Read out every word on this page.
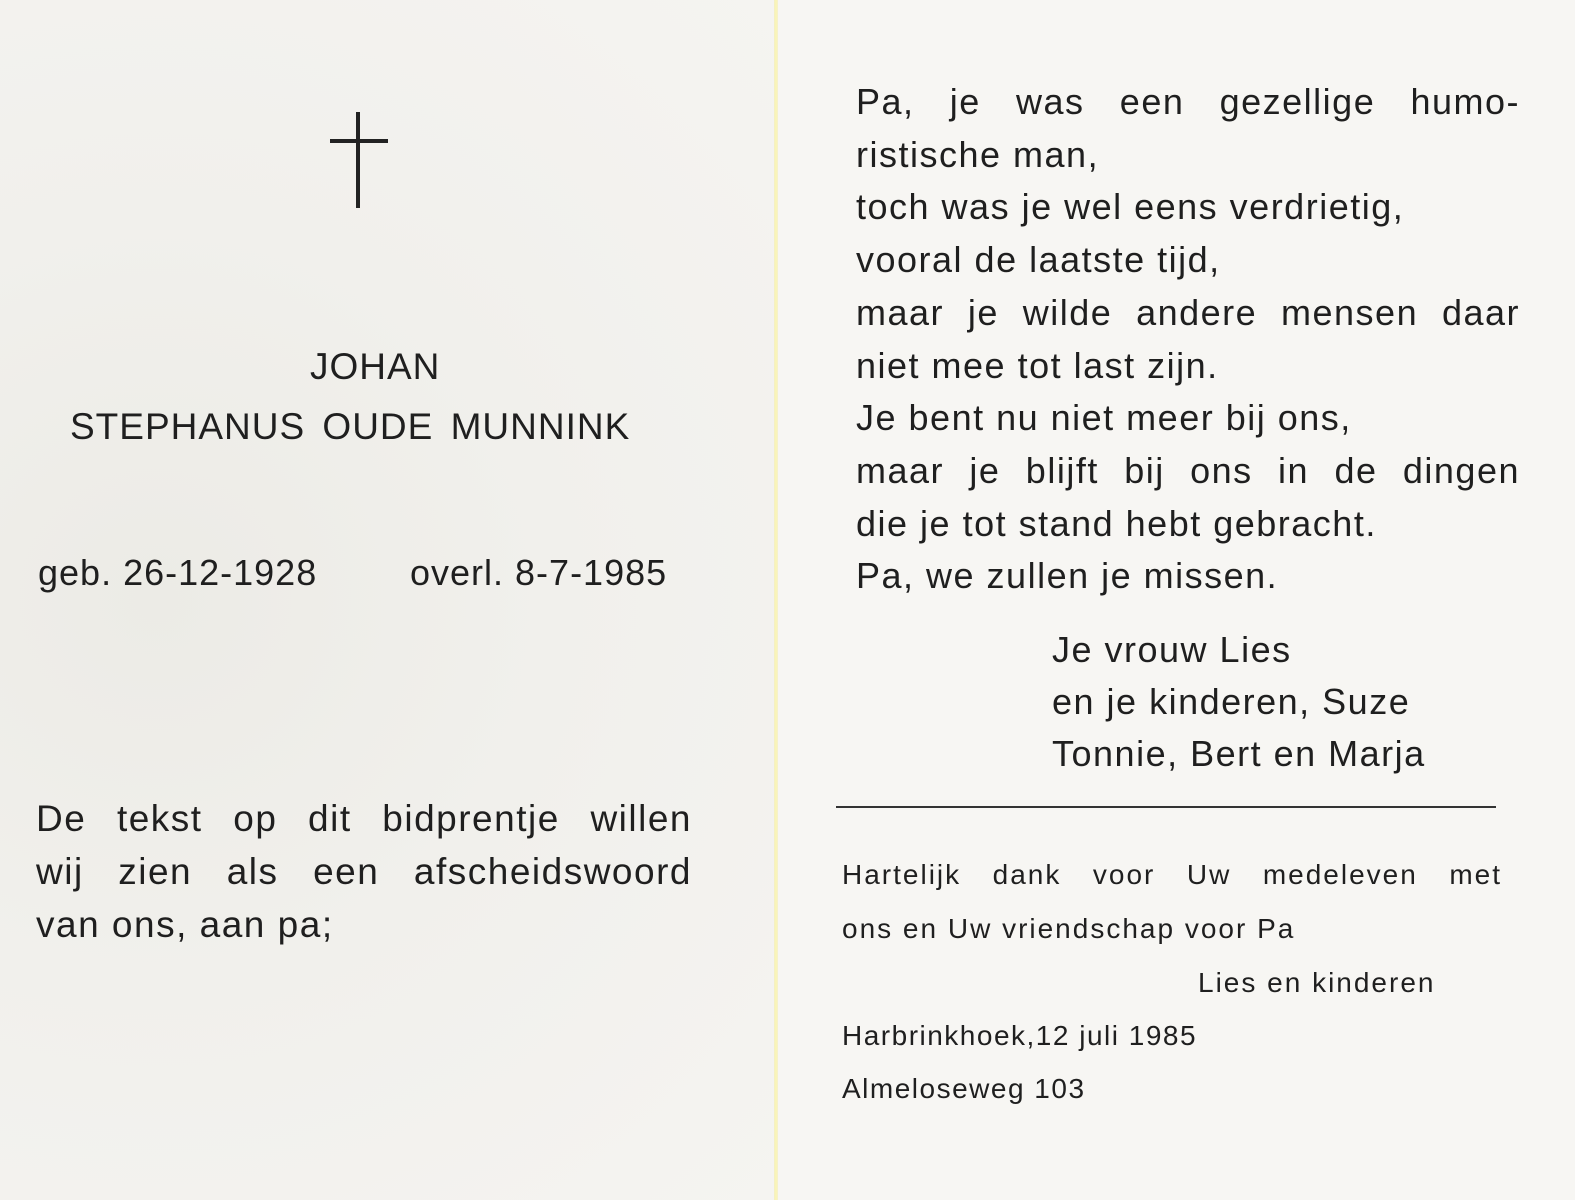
JOHAN
STEPHANUS OUDE MUNNINK
geb. 26-12-1928	overl. 8-7-1985
De tekst op dit bidprentje willen
wij zien als een afscheidswoord
van ons, aan pa;
Pa, je was een gezellige humo-
ristische man,
toch was je wel eens verdrietig,
vooral de laatste tijd,
maar je wilde andere mensen daar
niet mee tot last zijn.
Je bent nu niet meer bij ons,
maar je blijft bij ons in de dingen
die je tot stand hebt gebracht.
Pa, we zullen je missen.
Je vrouw Lies
en je kinderen, Suze
Tonnie, Bert en Marja
Hartelijk dank voor Uw medeleven met
ons en Uw vriendschap voor Pa
Lies en kinderen
Harbrinkhoek,12 juli 1985
Almeloseweg 103
